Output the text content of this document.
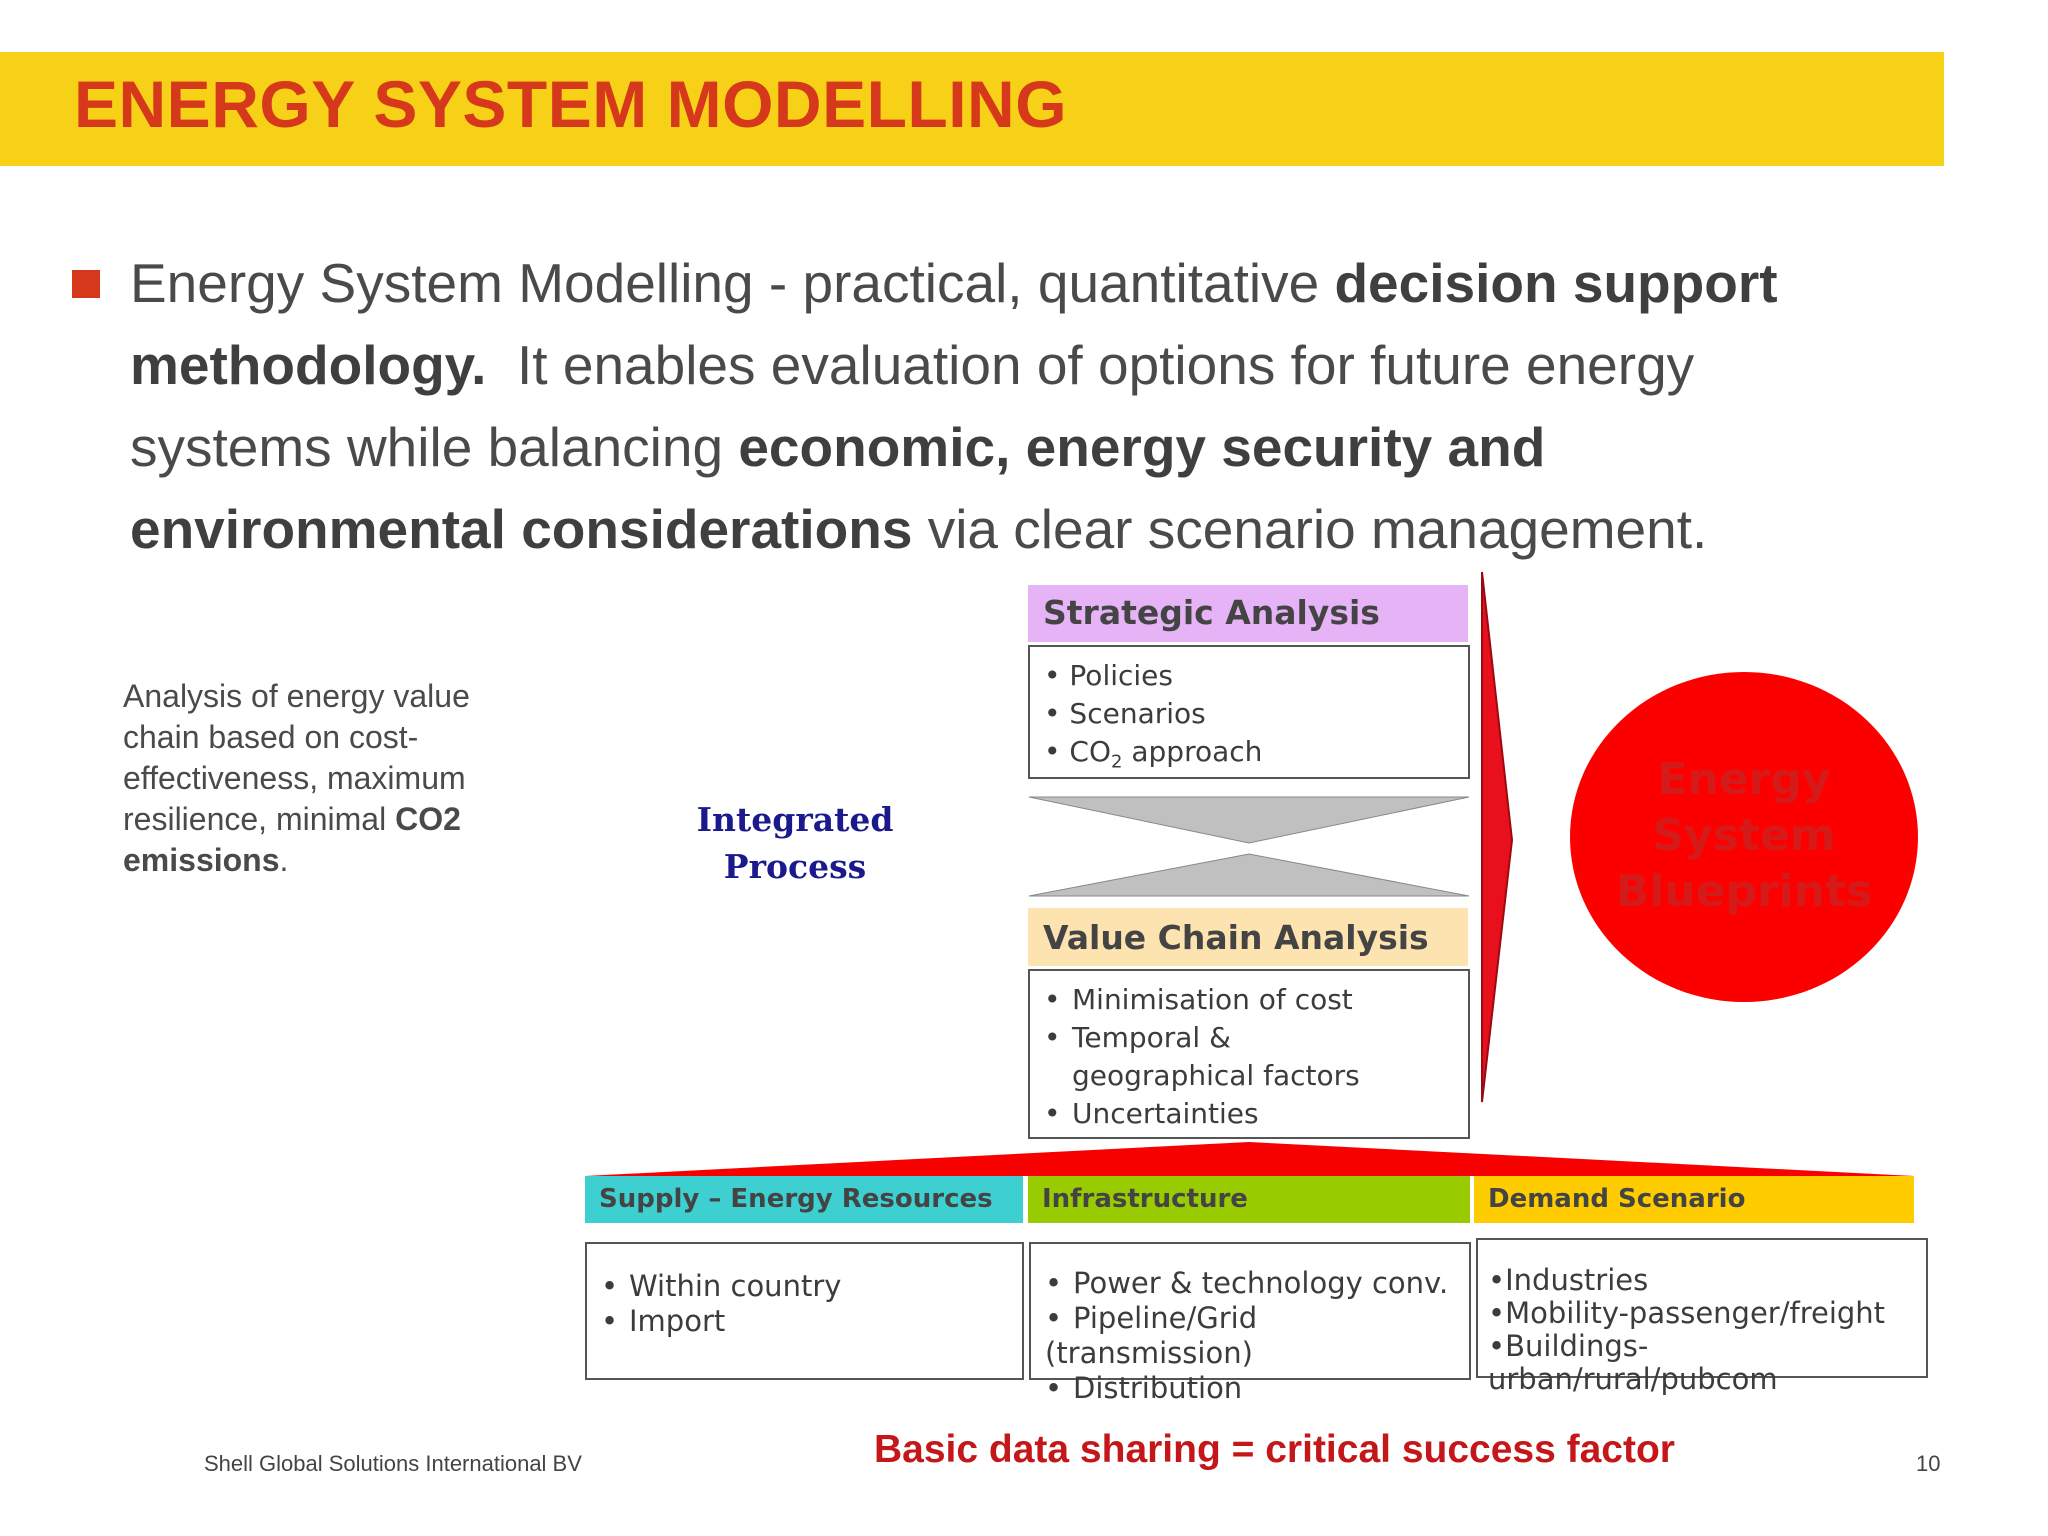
ENERGY SYSTEM MODELLING
Energy System Modelling - practical, quantitative decision support methodology.  It enables evaluation of options for future energy systems while balancing economic, energy security and environmental considerations via clear scenario management.
Analysis of energy value chain based on cost-effectiveness, maximum resilience, minimal CO2 emissions.
Integrated
Process
Strategic Analysis
• Policies
• Scenarios
• $CO_2$ approach
Value Chain Analysis
• Minimisation of cost
• Temporal & geographical factors
• Uncertainties
Supply – Energy Resources	Infrastructure	Demand Scenario
• Within country
• Import
• Power & technology conv.
• Pipeline/Grid (transmission)
• Distribution
•Industries
•Mobility-passenger/freight
•Buildings-urban/rural/pubcom
Energy
System
Blueprints
Basic data sharing = critical success factor
Shell Global Solutions International BV	10
